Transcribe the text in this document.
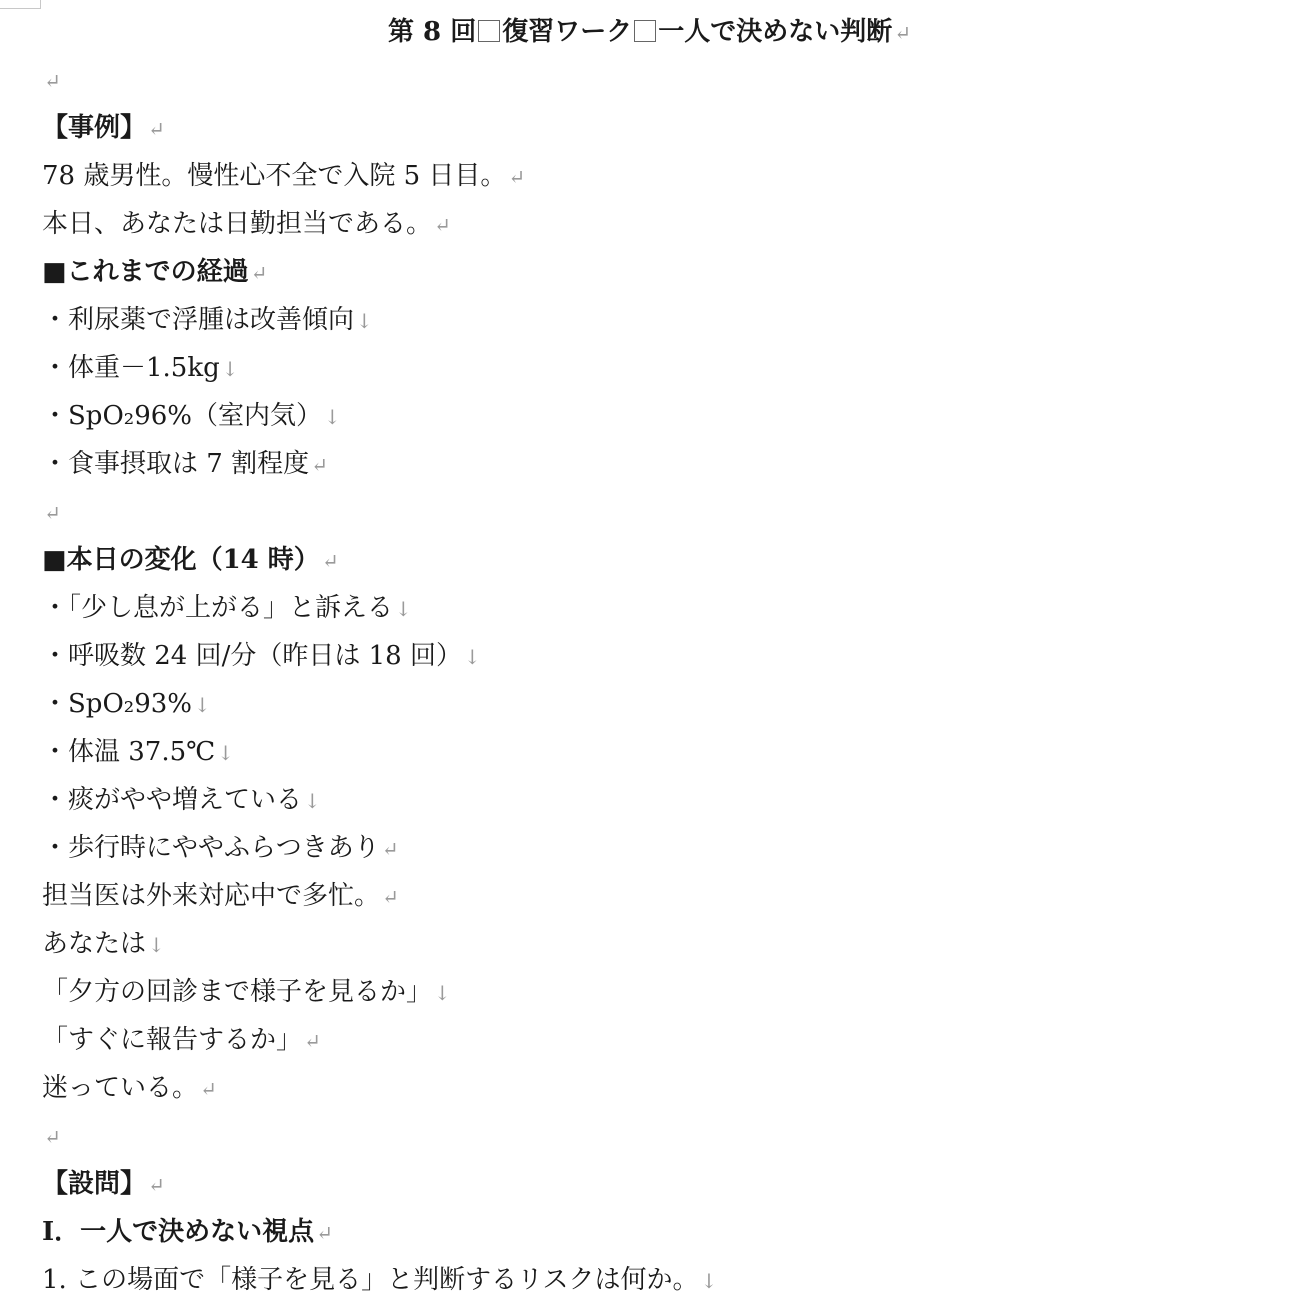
第 8 回 復習ワーク 一人で決めない判断 ↵
↵
【事例】 ↵
78 歳男性。慢性心不全で入院 5 日目。 ↵
本日、あなたは日勤担当である。 ↵
■これまでの経過 ↵
・利尿薬で浮腫は改善傾向 ↓
・体重－1.5kg ↓
・SpO₂96%（室内気） ↓
・食事摂取は 7 割程度 ↵
↵
■本日の変化（14 時） ↵
・「少し息が上がる」と訴える ↓
・呼吸数 24 回/分（昨日は 18 回） ↓
・SpO₂93% ↓
・体温 37.5℃ ↓
・痰がやや増えている ↓
・歩行時にややふらつきあり ↵
担当医は外来対応中で多忙。 ↵
あなたは ↓
「夕方の回診まで様子を見るか」 ↓
「すぐに報告するか」 ↵
迷っている。 ↵
↵
【設問】 ↵
Ⅰ．一人で決めない視点 ↵
1. この場面で「様子を見る」と判断するリスクは何か。 ↓
